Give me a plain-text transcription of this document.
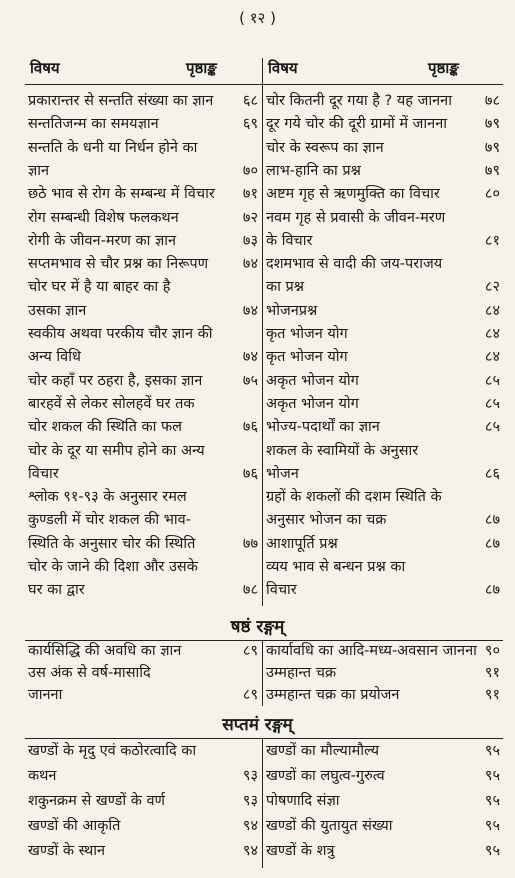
( १२ )
विषय	पृष्ठाङ्क	विषय	पृष्ठाङ्क
प्रकारान्तर से सन्तति संख्या का ज्ञान	६८
सन्ततिजन्म का समयज्ञान	६९
सन्तति के धनी या निर्धन होने का
ज्ञान	७०
छठे भाव से रोग के सम्बन्ध में विचार	७१
रोग सम्बन्धी विशेष फलकथन	७२
रोगी के जीवन-मरण का ज्ञान	७३
सप्तमभाव से चौर प्रश्न का निरूपण	७४
चोर घर में है या बाहर का है
उसका ज्ञान	७४
स्वकीय अथवा परकीय चौर ज्ञान की
अन्य विधि	७४
चोर कहाँ पर ठहरा है, इसका ज्ञान	७५
बारहवें से लेकर सोलहवें घर तक
चोर शकल की स्थिति का फल	७६
चोर के दूर या समीप होने का अन्य
विचार	७६
श्लोक ९१-९३ के अनुसार रमल
कुण्डली में चोर शकल की भाव-
स्थिति के अनुसार चोर की स्थिति	७७
चोर के जाने की दिशा और उसके
घर का द्वार	७८
चोर कितनी दूर गया है ? यह जानना	७८
दूर गये चोर की दूरी ग्रामों में जानना	७९
चोर के स्वरूप का ज्ञान	७९
लाभ-हानि का प्रश्न	७९
अष्टम गृह से ऋणमुक्ति का विचार	८०
नवम गृह से प्रवासी के जीवन-मरण
के विचार	८१
दशमभाव से वादी की जय-पराजय
का प्रश्न	८२
भोजनप्रश्न	८४
कृत भोजन योग	८४
कृत भोजन योग	८४
अकृत भोजन योग	८५
अकृत भोजन योग	८५
भोज्य-पदार्थों का ज्ञान	८५
शकल के स्वामियों के अनुसार
भोजन	८६
ग्रहों के शकलों की दशम स्थिति के
अनुसार भोजन का चक्र	८७
आशापूर्ति प्रश्न	८७
व्यय भाव से बन्धन प्रश्न का
विचार	८७
षष्ठं रङ्गम्
कार्यसिद्धि की अवधि का ज्ञान	८९
उस अंक से वर्ष-मासादि
जानना	८९
कार्यावधि का आदि-मध्य-अवसान जानना ९०
उम्महान्त चक्र	९१
उम्महान्त चक्र का प्रयोजन	९१
सप्तमं रङ्गम्
खण्डों के मृदु एवं कठोरत्वादि का
कथन	९३
शकुनक्रम से खण्डों के वर्ण	९३
खण्डों की आकृति	९४
खण्डों के स्थान	९४
खण्डों का मौल्यामौल्य	९५
खण्डों का लघुत्व-गुरुत्व	९५
पोषणादि संज्ञा	९५
खण्डों की युतायुत संख्या	९५
खण्डों के शत्रु	९५
